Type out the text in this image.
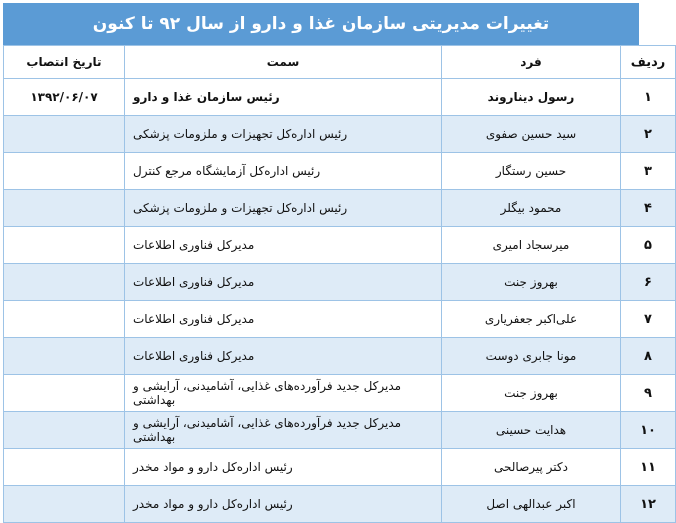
تغییرات مدیریتی سازمان غذا و دارو از سال ۹۲ تا کنون
ردیف	فرد	سمت	تاریخ انتصاب
۱	رسول دیناروند	رئیس سازمان غذا و دارو	۱۳۹۲/۰۶/۰۷
۲	سید حسین صفوی	رئیس اداره‌کل تجهیزات و ملزومات پزشکی	
۳	حسین رستگار	رئیس اداره‌کل آزمایشگاه مرجع کنترل	
۴	محمود بیگلر	رئیس اداره‌کل تجهیزات و ملزومات پزشکی	
۵	میرسجاد امیری	مدیرکل فناوری اطلاعات	
۶	بهروز جنت	مدیرکل فناوری اطلاعات	
۷	علی‌اکبر جعفریاری	مدیرکل فناوری اطلاعات	
۸	مونا جابری دوست	مدیرکل فناوری اطلاعات	
۹	بهروز جنت	مدیرکل جدید فرآورده‌های غذایی، آشامیدنی، آرایشی و بهداشتی	
۱۰	هدایت حسینی	مدیرکل جدید فرآورده‌های غذایی، آشامیدنی، آرایشی و بهداشتی	
۱۱	دکتر پیرصالحی	رئیس اداره‌کل دارو و مواد مخدر	
۱۲	اکبر عبدالهی اصل	رئیس اداره‌کل دارو و مواد مخدر	
